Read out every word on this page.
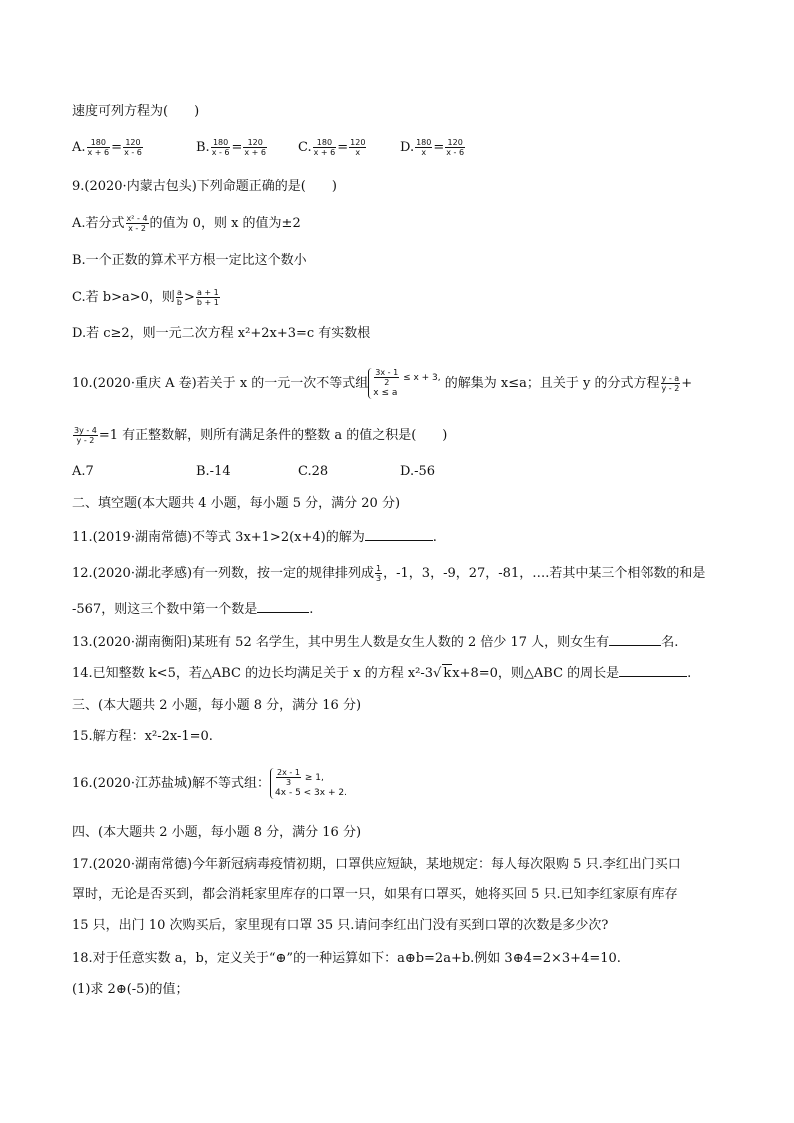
速度可列方程为(　　)
A. $\frac{180}{x + 6} = \frac{120}{x - 6}$	B. $\frac{180}{x - 6} = \frac{120}{x + 6} C$. $\frac{180}{x + 6} = \frac{120}{x}$	D. $\frac{180}{x} = \frac{120}{x - 6}$
9.(2020·内蒙古包头)下列命题正确的是(　　)
A.若分式 $\frac{\text{x² - 4}}{x - 2}$ 的值为 0，则 x 的值为±2
B.一个正数的算术平方根一定比这个数小
C.若 b>a>0，则 $\frac{a}{b} > \frac{a + 1}{b + 1}$
D.若 c≥2，则一元二次方程 x²+2x+3=c 有实数根
10.(2020·重庆 A 卷)若关于 x 的一元一次不等式组 $\frac{3x - 1}{2} \le x + 3$,
x ≤ a
的解集为 x≤a；且关于 y 的分式方程 $\frac{y - a}{y - 2}$ +
$\frac{3y - 4}{y - 2} =1$ 有正整数解，则所有满足条件的整数 a 的值之积是(　　)
A.7	B.-14	C.28	D.-56
二、填空题(本大题共 4 小题，每小题 5 分，满分 20 分)
11.(2019·湖南常德)不等式 3x+1>2(x+4)的解为	.
12.(2020·湖北孝感)有一列数，按一定的规律排列成 $\frac{1}{3}$ ，-1，3，-9，27，-81，….若其中某三个相邻数的和是
-567，则这三个数中第一个数是	.
13.(2020·湖南衡阳)某班有 52 名学生，其中男生人数是女生人数的 2 倍少 17 人，则女生有	名.
14.已知整数 k<5，若△ABC 的边长均满足关于 x 的方程 x²-3√ kx+8=0，则△ABC 的周长是	.
三、(本大题共 2 小题，每小题 8 分，满分 16 分)
15.解方程：x²-2x-1=0.
16.(2020·江苏盐城)解不等式组： $\frac{2x - 1}{3} \ge 1$,
4x - 5 < 3x + 2.
四、(本大题共 2 小题，每小题 8 分，满分 16 分)
17.(2020·湖南常德)今年新冠病毒疫情初期，口罩供应短缺，某地规定：每人每次限购 5 只.李红出门买口
罩时，无论是否买到，都会消耗家里库存的口罩一只，如果有口罩买，她将买回 5 只.已知李红家原有库存
15 只，出门 10 次购买后，家里现有口罩 35 只.请问李红出门没有买到口罩的次数是多少次?
18.对于任意实数 a，b，定义关于“⊕”的一种运算如下：a⊕b=2a+b.例如 3⊕4=2×3+4=10.
(1)求 2⊕(-5)的值；
